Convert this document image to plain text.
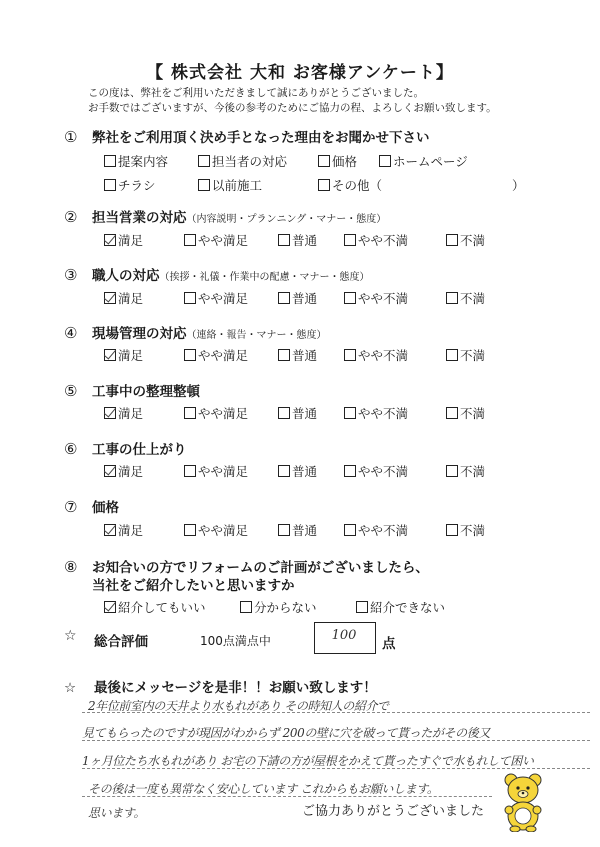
【 株式会社 大和 お客様アンケート】
この度は、弊社をご利用いただきまして誠にありがとうございました。
お手数ではございますが、今後の参考のためにご協力の程、よろしくお願い致します。
① 弊社をご利用頂く決め手となった理由をお聞かせ下さい
提案内容	担当者の対応	価格	ホームページ
チラシ	以前施工	その他（	）
② 担当営業の対応（内容説明・プランニング・マナー・態度）
満足	やや満足	普通	やや不満	不満
③ 職人の対応（挨拶・礼儀・作業中の配慮・マナー・態度）
満足	やや満足	普通	やや不満	不満
④ 現場管理の対応（連絡・報告・マナー・態度）
満足	やや満足	普通	やや不満	不満
⑤ 工事中の整理整頓
満足	やや満足	普通	やや不満	不満
⑥ 工事の仕上がり
満足	やや満足	普通	やや不満	不満
⑦ 価格
満足	やや満足	普通	やや不満	不満
⑧ お知合いの方でリフォームのご計画がございましたら、
当社をご紹介したいと思いますか
紹介してもいい	分からない	紹介できない
☆	総合評価	100点満点中	100
点
☆ 最後にメッセージを是非！！お願い致します！
2年位前室内の天井より水もれがあり その時知人の紹介で
見てもらったのですが現因がわからず 200の壁に穴を破って貰ったがその後又
1ヶ月位たち水もれがあり お宅の下請の方が屋根をかえて貰ったすぐで水もれして困い
その後は一度も異常なく安心しています これからもお願いします。
思います。	ご協力ありがとうございました
